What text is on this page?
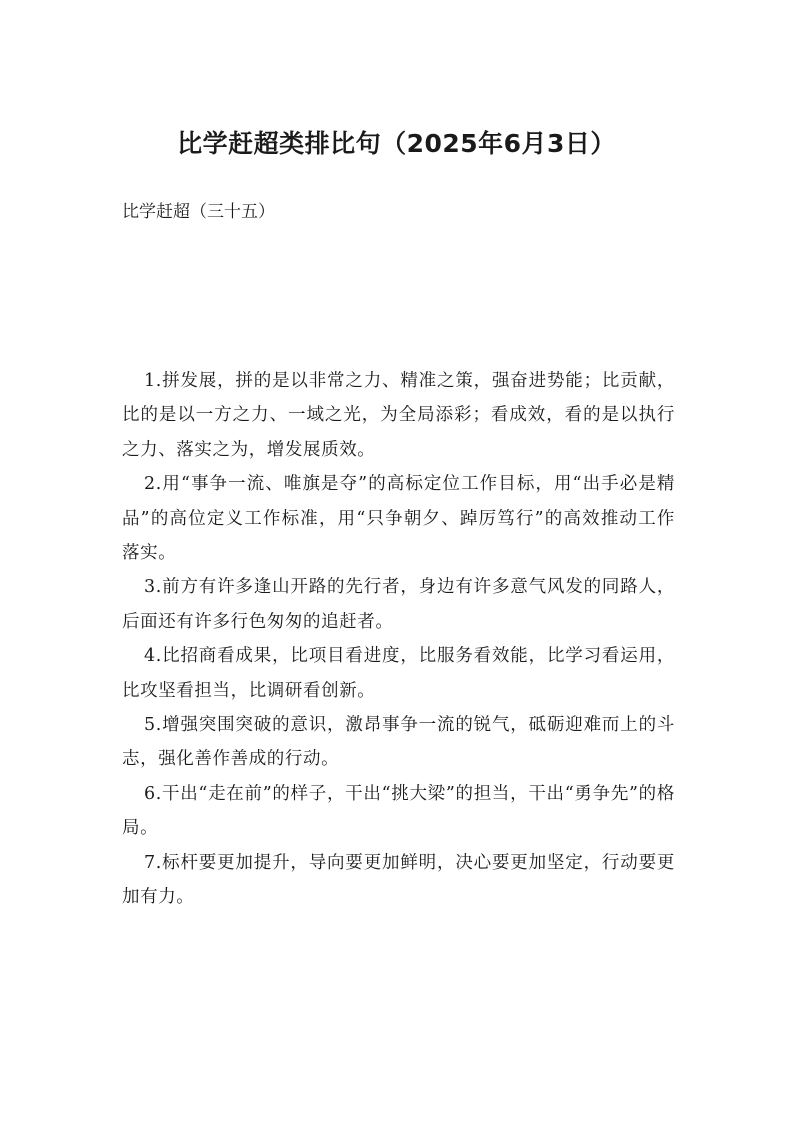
比学赶超类排比句（2025年6月3日）

比学赶超（三十五）

1.拼发展，拼的是以非常之力、精准之策，强奋进势能；比贡献，比的是以一方之力、一域之光，为全局添彩；看成效，看的是以执行之力、落实之为，增发展质效。

2.用“事争一流、唯旗是夺”的高标定位工作目标，用“出手必是精品”的高位定义工作标准，用“只争朝夕、踔厉笃行”的高效推动工作落实。

3.前方有许多逢山开路的先行者，身边有许多意气风发的同路人，后面还有许多行色匆匆的追赶者。

4.比招商看成果，比项目看进度，比服务看效能，比学习看运用，比攻坚看担当，比调研看创新。

5.增强突围突破的意识，激昂事争一流的锐气，砥砺迎难而上的斗志，强化善作善成的行动。

6.干出“走在前”的样子，干出“挑大梁”的担当，干出“勇争先”的格局。

7.标杆要更加提升，导向要更加鲜明，决心要更加坚定，行动要更加有力。
